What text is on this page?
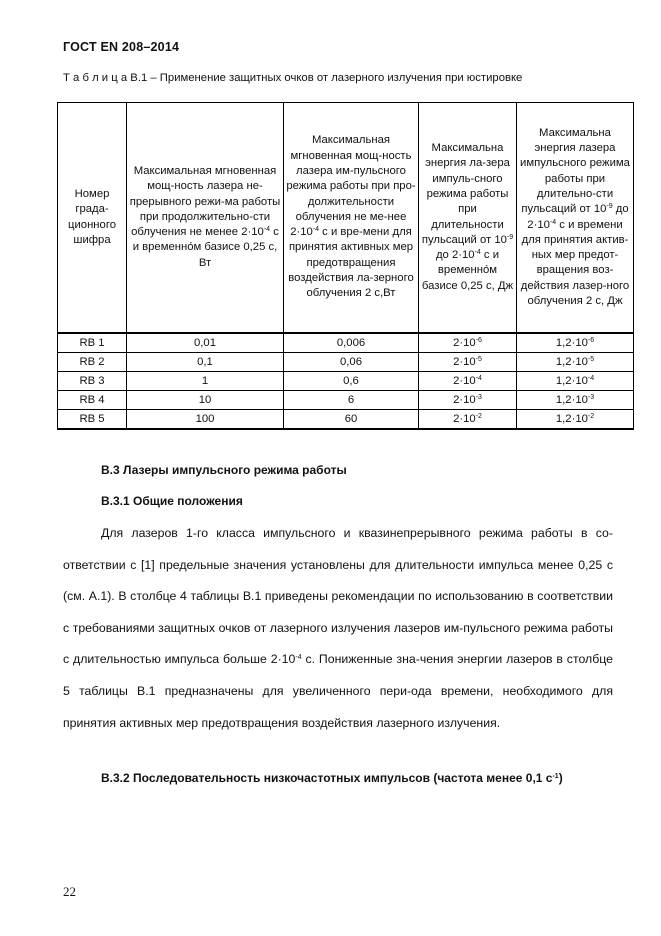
ГОСТ EN 208–2014
Т а б л и ц а В.1 – Применение защитных очков от лазерного излучения при юстировке
Номер града-ционного шифра	Максимальная мгновенная мощ-ность лазера не-прерывного режи-ма работы при продолжительно-сти облучения не менее $2\cdot 10^{-4}$ с и временно́м базисе 0,25 с, Вт	Максимальная мгновенная мощ-ность лазера им-пульсного режима работы при про-должительности облучения не ме-нее $2\cdot 10^{-4}$ с и вре-мени для принятия активных мер предотвращения воздействия ла-зерного облучения 2 с,Вт	Максимальна энергия ла-зера импуль-сного режима работы при длительности пульсаций от $10^{-9}$ до $2\cdot 10^{-4}$ с и временно́м базисе 0,25 с, Дж	Максимальна энергия лазера импульсного режима работы при длительно-сти пульсаций от $10^{-9}$ до $2\cdot 10^{-4}$ с и времени для принятия актив-ных мер предот-вращения воз-действия лазер-ного облучения 2 с, Дж
RB 1	0,01	0,006	$2\cdot 10^{-6}$	$1,2\cdot 10^{-6}$
RB 2	0,1	0,06	$2\cdot 10^{-5}$	$1,2\cdot 10^{-5}$
RB 3	1	0,6	$2\cdot 10^{-4}$	$1,2\cdot 10^{-4}$
RB 4	10	6	$2\cdot 10^{-3}$	$1,2\cdot 10^{-3}$
RB 5	100	60	$2\cdot 10^{-2}$	$1,2\cdot 10^{-2}$
В.3 Лазеры импульсного режима работы
В.3.1 Общие положения
Для лазеров 1-го класса импульсного и квазинепрерывного режима работы в со-ответствии с [1] предельные значения установлены для длительности импульса менее 0,25 с (см. А.1). В столбце 4 таблицы В.1 приведены рекомендации по использованию в соответствии с требованиями защитных очков от лазерного излучения лазеров им-пульсного режима работы с длительностью импульса больше $2\cdot 10^{-4}$ с. Пониженные зна-чения энергии лазеров в столбце 5 таблицы В.1 предназначены для увеличенного пери-ода времени, необходимого для принятия активных мер предотвращения воздействия лазерного излучения.
В.3.2 Последовательность низкочастотных импульсов (частота менее 0,1 $с^{-1}$)
22
